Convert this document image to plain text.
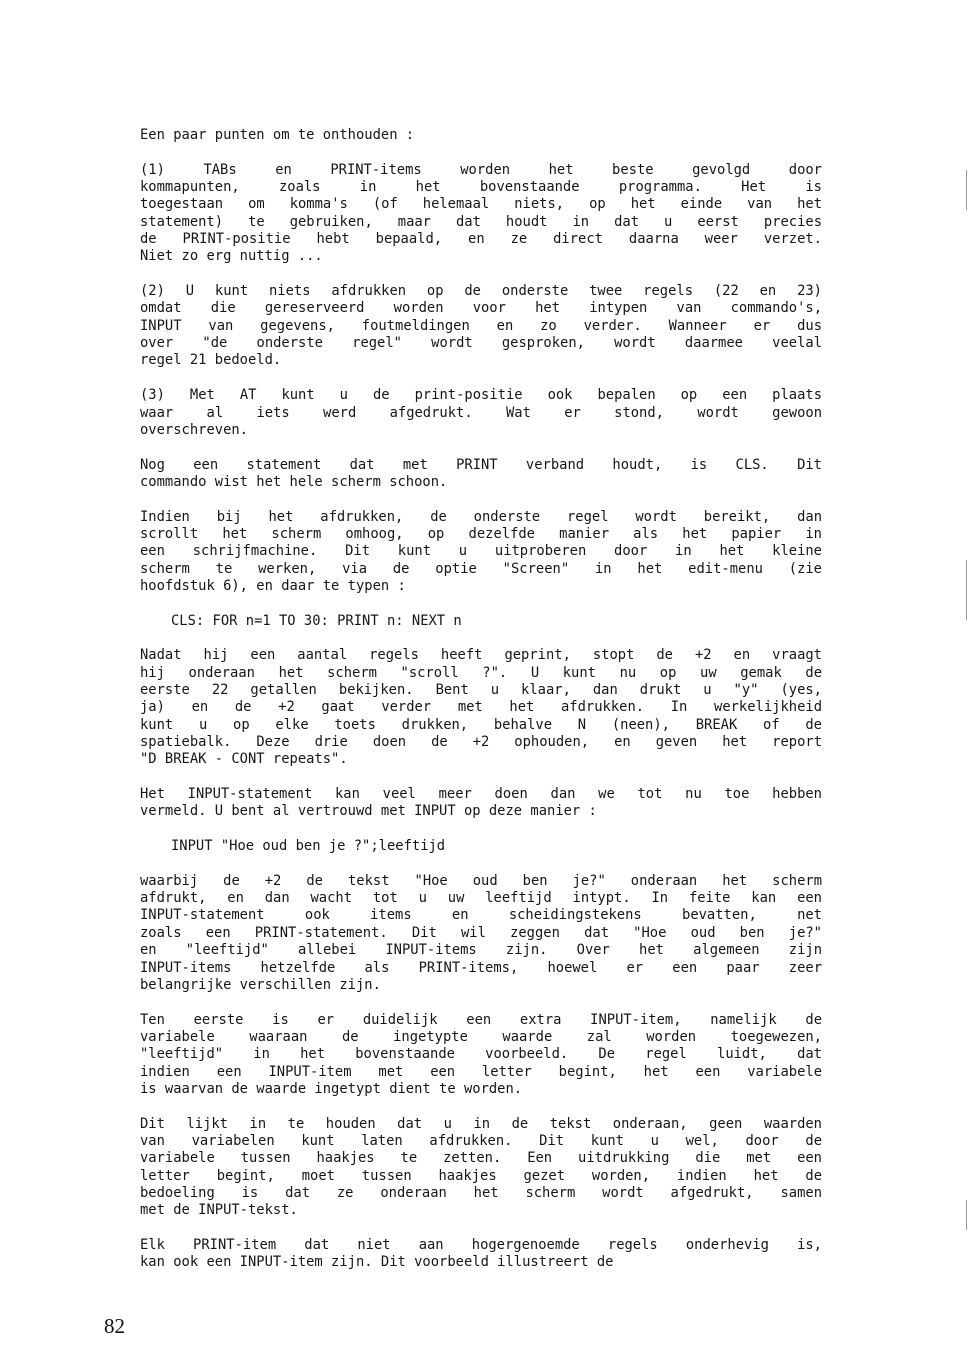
Een paar punten om te onthouden :
(1) TABs en PRINT-items worden het beste gevolgd door
kommapunten, zoals in het bovenstaande programma. Het is
toegestaan om komma's (of helemaal niets, op het einde van het
statement) te gebruiken, maar dat houdt in dat u eerst precies
de PRINT-positie hebt bepaald, en ze direct daarna weer verzet.
Niet zo erg nuttig ...
(2) U kunt niets afdrukken op de onderste twee regels (22 en 23)
omdat die gereserveerd worden voor het intypen van commando's,
INPUT van gegevens, foutmeldingen en zo verder. Wanneer er dus
over "de onderste regel" wordt gesproken, wordt daarmee veelal
regel 21 bedoeld.
(3) Met AT kunt u de print-positie ook bepalen op een plaats
waar al iets werd afgedrukt. Wat er stond, wordt gewoon
overschreven.
Nog een statement dat met PRINT verband houdt, is CLS. Dit
commando wist het hele scherm schoon.
Indien bij het afdrukken, de onderste regel wordt bereikt, dan
scrollt het scherm omhoog, op dezelfde manier als het papier in
een schrijfmachine. Dit kunt u uitproberen door in het kleine
scherm te werken, via de optie "Screen" in het edit-menu (zie
hoofdstuk 6), en daar te typen :
CLS: FOR n=1 TO 30: PRINT n: NEXT n
Nadat hij een aantal regels heeft geprint, stopt de +2 en vraagt
hij onderaan het scherm "scroll ?". U kunt nu op uw gemak de
eerste 22 getallen bekijken. Bent u klaar, dan drukt u "y" (yes,
ja) en de +2 gaat verder met het afdrukken. In werkelijkheid
kunt u op elke toets drukken, behalve N (neen), BREAK of de
spatiebalk. Deze drie doen de +2 ophouden, en geven het report
"D BREAK - CONT repeats".
Het INPUT-statement kan veel meer doen dan we tot nu toe hebben
vermeld. U bent al vertrouwd met INPUT op deze manier :
INPUT "Hoe oud ben je ?";leeftijd
waarbij de +2 de tekst "Hoe oud ben je?" onderaan het scherm
afdrukt, en dan wacht tot u uw leeftijd intypt. In feite kan een
INPUT-statement ook items en scheidingstekens bevatten, net
zoals een PRINT-statement. Dit wil zeggen dat "Hoe oud ben je?"
en "leeftijd" allebei INPUT-items zijn. Over het algemeen zijn
INPUT-items hetzelfde als PRINT-items, hoewel er een paar zeer
belangrijke verschillen zijn.
Ten eerste is er duidelijk een extra INPUT-item, namelijk de
variabele waaraan de ingetypte waarde zal worden toegewezen,
"leeftijd" in het bovenstaande voorbeeld. De regel luidt, dat
indien een INPUT-item met een letter begint, het een variabele
is waarvan de waarde ingetypt dient te worden.
Dit lijkt in te houden dat u in de tekst onderaan, geen waarden
van variabelen kunt laten afdrukken. Dit kunt u wel, door de
variabele tussen haakjes te zetten. Een uitdrukking die met een
letter begint, moet tussen haakjes gezet worden, indien het de
bedoeling is dat ze onderaan het scherm wordt afgedrukt, samen
met de INPUT-tekst.
Elk PRINT-item dat niet aan hogergenoemde regels onderhevig is,
kan ook een INPUT-item zijn. Dit voorbeeld illustreert de
82
